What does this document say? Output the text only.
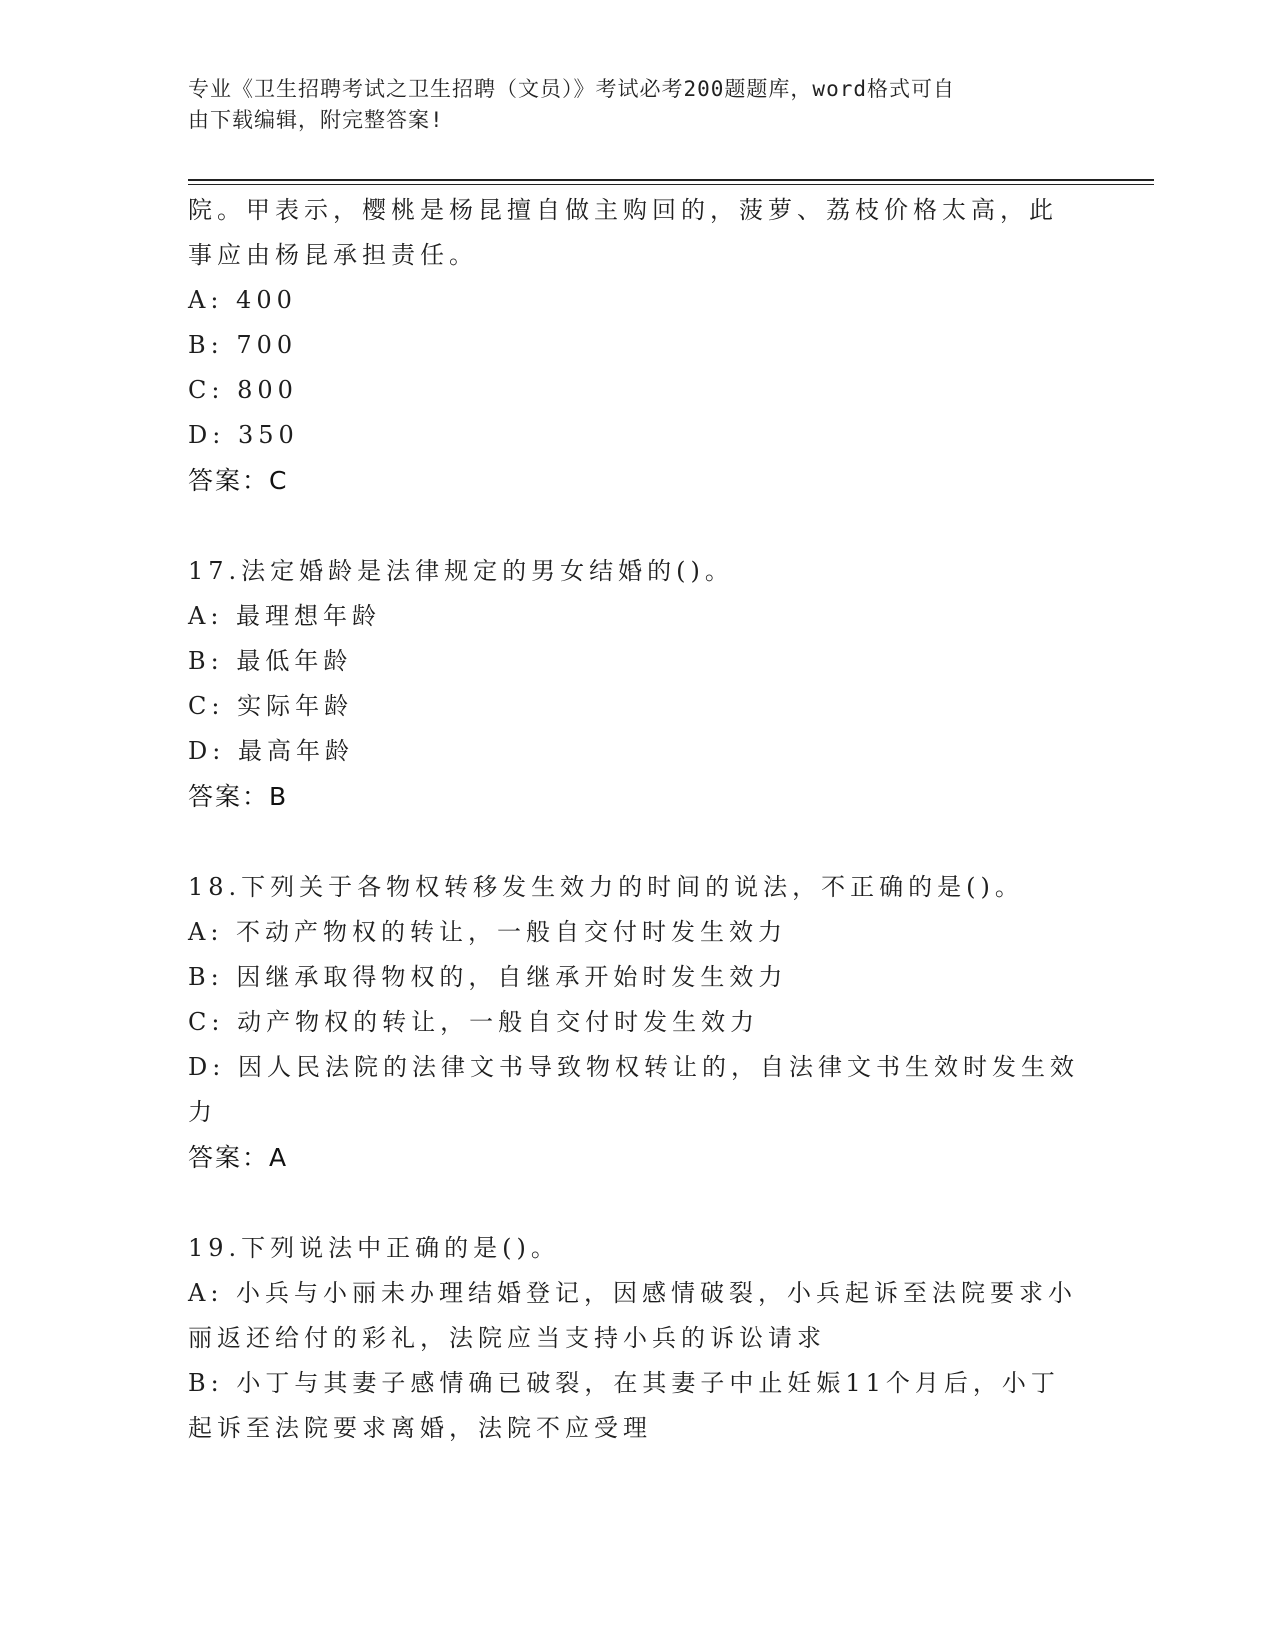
专业《卫生招聘考试之卫生招聘（文员）》考试必考200题题库，word格式可自
由下载编辑，附完整答案!
院。甲表示，樱桃是杨昆擅自做主购回的，菠萝、荔枝价格太高，此
事应由杨昆承担责任。
A: 400
B: 700
C: 800
D: 350
答案：C
17.法定婚龄是法律规定的男女结婚的()。
A: 最理想年龄
B: 最低年龄
C: 实际年龄
D: 最高年龄
答案：B
18.下列关于各物权转移发生效力的时间的说法，不正确的是()。
A: 不动产物权的转让，一般自交付时发生效力
B: 因继承取得物权的，自继承开始时发生效力
C: 动产物权的转让，一般自交付时发生效力
D: 因人民法院的法律文书导致物权转让的，自法律文书生效时发生效
力
答案：A
19.下列说法中正确的是()。
A: 小兵与小丽未办理结婚登记，因感情破裂，小兵起诉至法院要求小
丽返还给付的彩礼，法院应当支持小兵的诉讼请求
B: 小丁与其妻子感情确已破裂，在其妻子中止妊娠11个月后，小丁
起诉至法院要求离婚，法院不应受理
